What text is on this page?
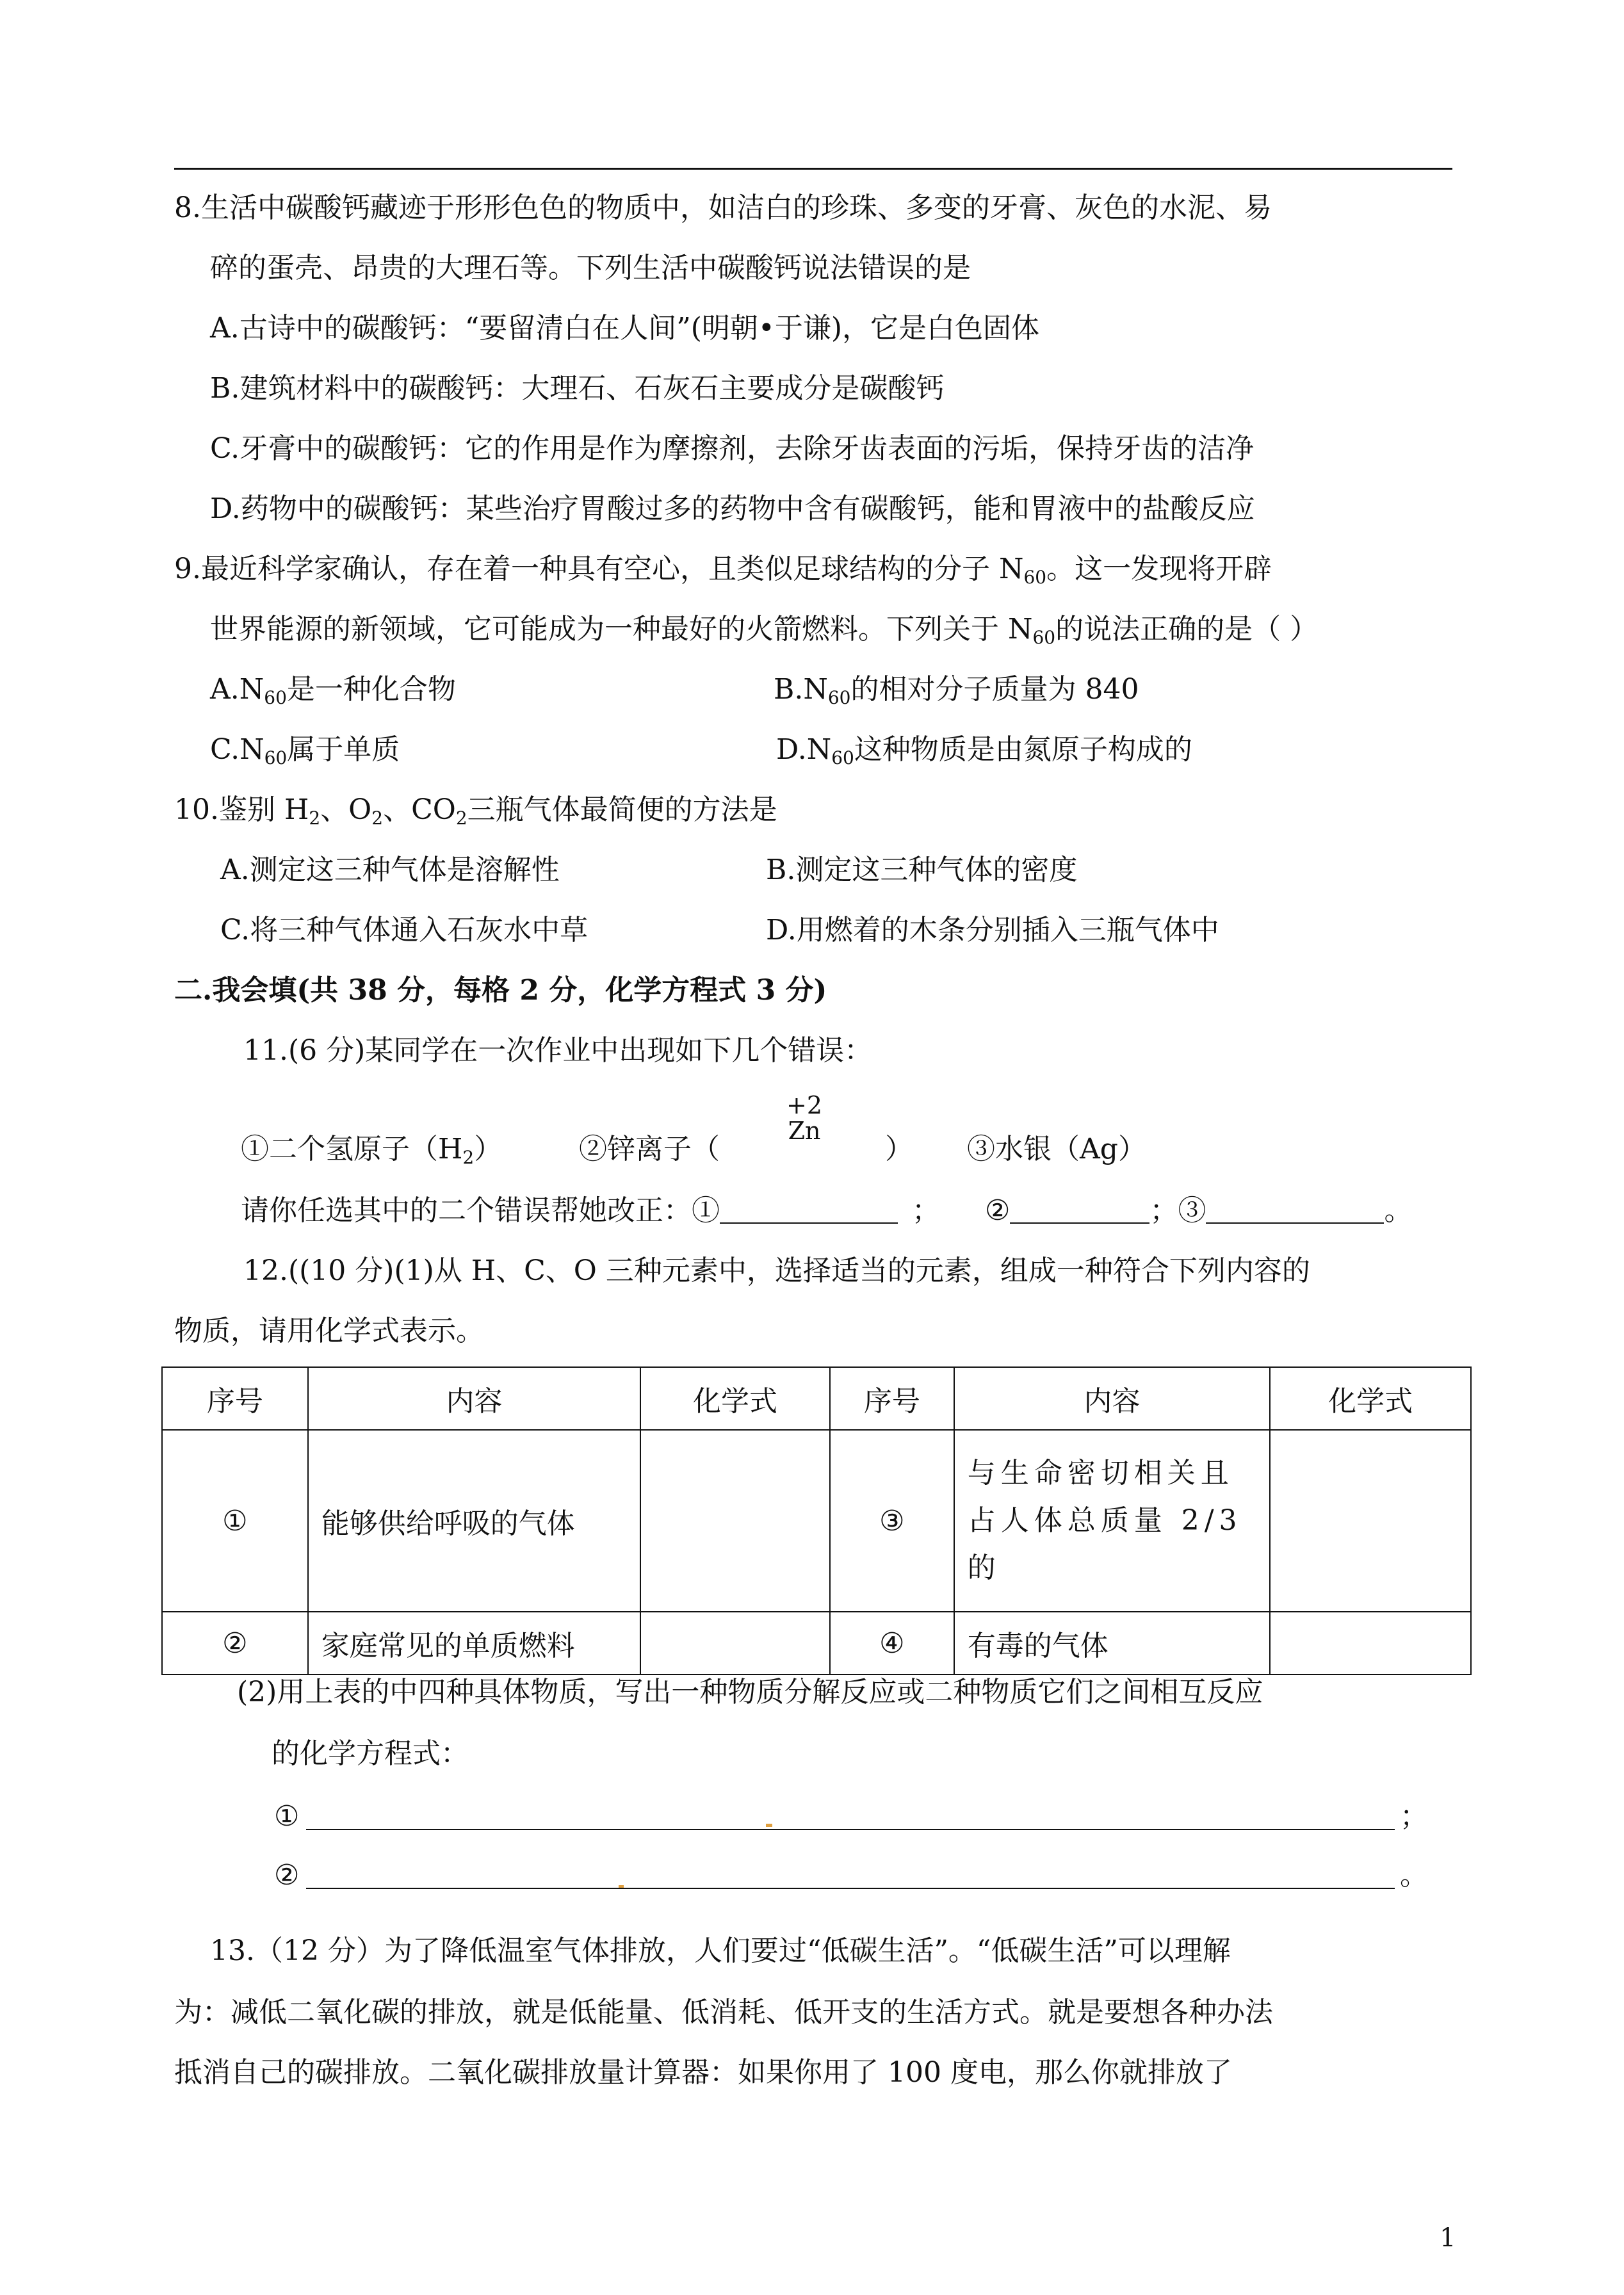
8.生活中碳酸钙藏迹于形形色色的物质中，如洁白的珍珠、多变的牙膏、灰色的水泥、易
碎的蛋壳、昂贵的大理石等。下列生活中碳酸钙说法错误的是
A.古诗中的碳酸钙：“要留清白在人间”(明朝•于谦)，它是白色固体
B.建筑材料中的碳酸钙：大理石、石灰石主要成分是碳酸钙
C.牙膏中的碳酸钙：它的作用是作为摩擦剂，去除牙齿表面的污垢，保持牙齿的洁净
D.药物中的碳酸钙：某些治疗胃酸过多的药物中含有碳酸钙，能和胃液中的盐酸反应
9.最近科学家确认，存在着一种具有空心，且类似足球结构的分子 $N_{60}$。这一发现将开辟
世界能源的新领域，它可能成为一种最好的火箭燃料。下列关于 $N_{60}$的说法正确的是（ ）
$A.N_{60}$是一种化合物	$B.N_{60}$的相对分子质量为 840
$C.N_{60}$属于单质	$D.N_{60}$这种物质是由氮原子构成的
10.鉴别 $H_2$、$O_2$、$CO_2$三瓶气体最简便的方法是
A.测定这三种气体是溶解性	B.测定这三种气体的密度
C.将三种气体通入石灰水中草	D.用燃着的木条分别插入三瓶气体中
二.我会填(共 38 分，每格 2 分，化学方程式 3 分)
11.(6 分)某同学在一次作业中出现如下几个错误：
+2
Zn
①二个氢原子$(H_2)$	②锌离子（	） ③水银（Ag）
请你任选其中的二个错误帮她改正：①	； ②	；③	。
12.((10 分)(1)从 H、C、O 三种元素中，选择适当的元素，组成一种符合下列内容的
物质，请用化学式表示。
序号	内容	化学式	序号	内容	化学式
①	能够供给呼吸的气体		③	与生命密切相关且占人体总质量 2/3 的	
②	家庭常见的单质燃料		④	有毒的气体	
(2)用上表的中四种具体物质，写出一种物质分解反应或二种物质它们之间相互反应
的化学方程式：
①	；
②	。
13.（12 分）为了降低温室气体排放，人们要过“低碳生活”。“低碳生活”可以理解
为：减低二氧化碳的排放，就是低能量、低消耗、低开支的生活方式。就是要想各种办法
抵消自己的碳排放。二氧化碳排放量计算器：如果你用了 100 度电，那么你就排放了
1
